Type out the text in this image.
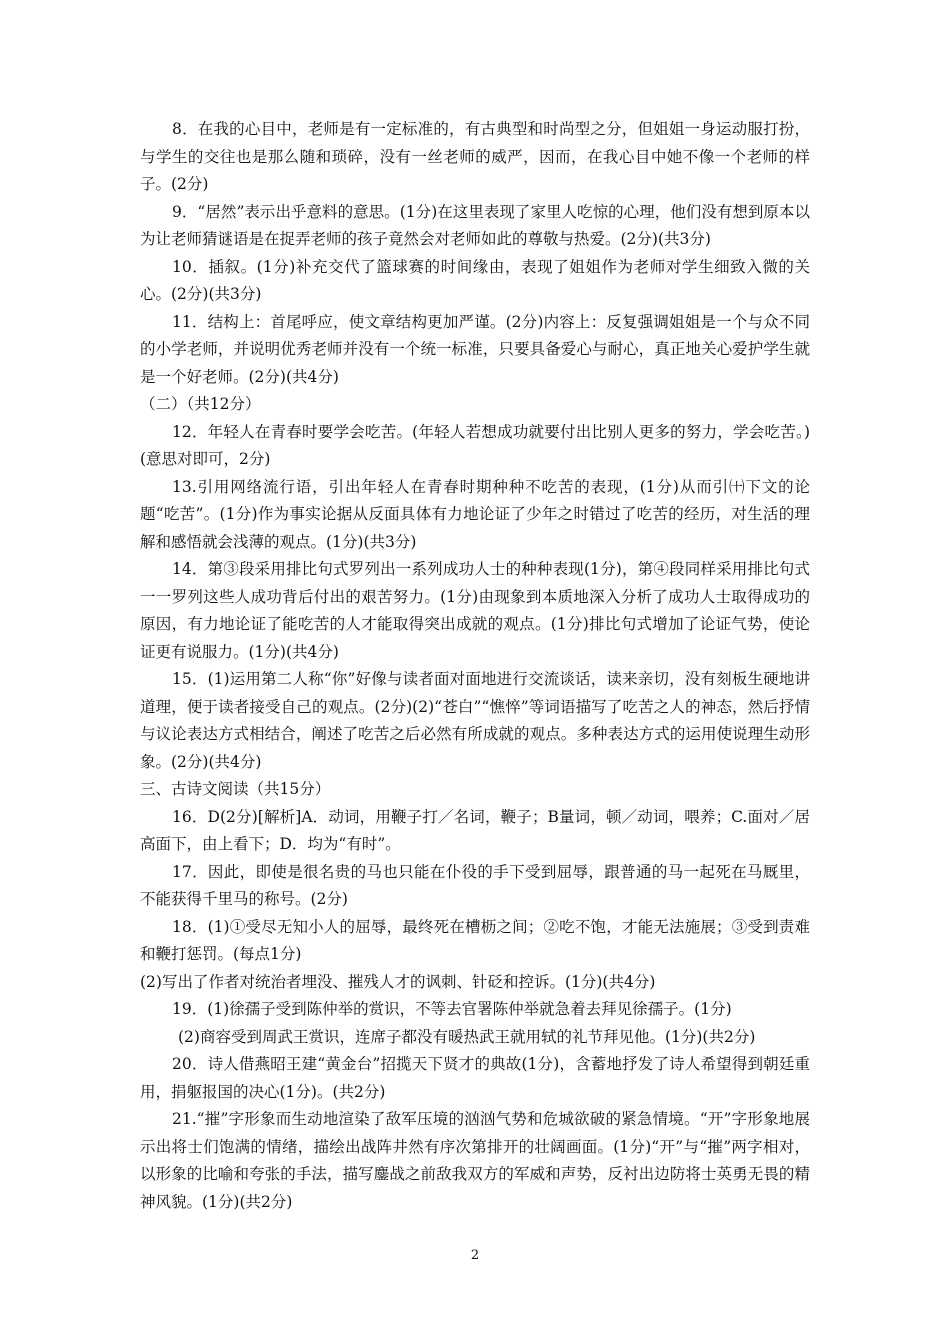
8．在我的心目中，老师是有一定标准的，有古典型和时尚型之分，但姐姐一身运动服打扮，与学生的交往也是那么随和琐碎，没有一丝老师的威严，因而，在我心目中她不像一个老师的样子。(2分)

9．“居然”表示出乎意料的意思。(1分)在这里表现了家里人吃惊的心理，他们没有想到原本以为让老师猜谜语是在捉弄老师的孩子竟然会对老师如此的尊敬与热爱。(2分)(共3分)

10．插叙。(1分)补充交代了篮球赛的时间缘由，表现了姐姐作为老师对学生细致入微的关心。(2分)(共3分)

11．结构上：首尾呼应，使文章结构更加严谨。(2分)内容上：反复强调姐姐是一个与众不同的小学老师，并说明优秀老师并没有一个统一标准，只要具备爱心与耐心，真正地关心爱护学生就是一个好老师。(2分)(共4分)

（二）（共12分）

12．年轻人在青春时要学会吃苦。(年轻人若想成功就要付出比别人更多的努力，学会吃苦。)(意思对即可，2分)

13.引用网络流行语，引出年轻人在青春时期种种不吃苦的表现，(1分)从而引㈩下文的论题“吃苦”。(1分)作为事实论据从反面具体有力地论证了少年之时错过了吃苦的经历，对生活的理解和感悟就会浅薄的观点。(1分)(共3分)

14．第③段采用排比句式罗列出一系列成功人士的种种表现(1分)，第④段同样采用排比句式一一罗列这些人成功背后付出的艰苦努力。(1分)由现象到本质地深入分析了成功人士取得成功的原因，有力地论证了能吃苦的人才能取得突出成就的观点。(1分)排比句式增加了论证气势，使论证更有说服力。(1分)(共4分)

15．(1)运用第二人称“你”好像与读者面对面地进行交流谈话，读来亲切，没有刻板生硬地讲道理，便于读者接受自己的观点。(2分)(2)“苍白”“憔悴”等词语描写了吃苦之人的神态，然后抒情与议论表达方式相结合，阐述了吃苦之后必然有所成就的观点。多种表达方式的运用使说理生动形象。(2分)(共4分)

三、古诗文阅读（共15分）

16．D(2分)[解析]A．动词，用鞭子打／名词，鞭子；B量词，顿／动词，喂养；C.面对／居高面下，由上看下；D．均为“有时”。

17．因此，即使是很名贵的马也只能在仆役的手下受到屈辱，跟普通的马一起死在马厩里，不能获得千里马的称号。(2分)

18．(1)①受尽无知小人的屈辱，最终死在槽枥之间；②吃不饱，才能无法施展；③受到责难和鞭打惩罚。(每点1分)

(2)写出了作者对统治者埋没、摧残人才的讽刺、针砭和控诉。(1分)(共4分)

19．(1)徐孺子受到陈仲举的赏识，不等去官署陈仲举就急着去拜见徐孺子。(1分)

(2)商容受到周武王赏识，连席子都没有暖热武王就用轼的礼节拜见他。(1分)(共2分)

20．诗人借燕昭王建“黄金台”招揽天下贤才的典故(1分)，含蓄地抒发了诗人希望得到朝廷重用，捐躯报国的决心(1分)。(共2分)

21.“摧”字形象而生动地渲染了敌军压境的汹汹气势和危城欲破的紧急情境。“开”字形象地展示出将士们饱满的情绪，描绘出战阵井然有序次第排开的壮阔画面。(1分)“开”与“摧”两字相对，以形象的比喻和夸张的手法，描写鏖战之前敌我双方的军威和声势，反衬出边防将士英勇无畏的精神风貌。(1分)(共2分)

2
